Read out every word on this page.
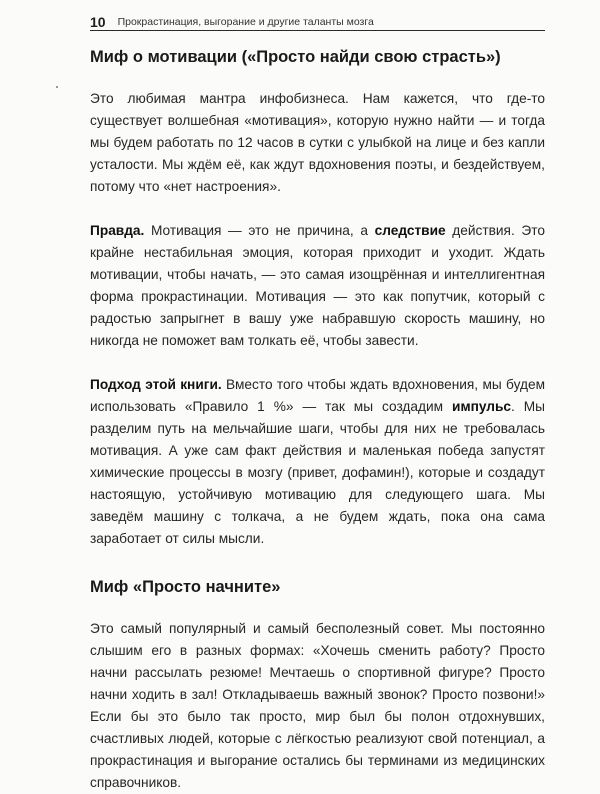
10	Прокрастинация, выгорание и другие таланты мозга
Миф о мотивации («Просто найди свою страсть»)

Это любимая мантра инфобизнеса. Нам кажется, что где-то существует волшебная «мотивация», которую нужно найти — и тогда мы будем работать по 12 часов в сутки с улыбкой на лице и без капли усталости. Мы ждём её, как ждут вдохновения поэты, и бездействуем, потому что «нет настроения».

Правда. Мотивация — это не причина, а следствие действия. Это крайне нестабильная эмоция, которая приходит и уходит. Ждать мотивации, чтобы начать, — это самая изощрённая и интеллигентная форма прокрастинации. Мотивация — это как попутчик, который с радостью запрыгнет в вашу уже набравшую скорость машину, но никогда не поможет вам толкать её, чтобы завести.

Подход этой книги. Вместо того чтобы ждать вдохновения, мы будем использовать «Правило 1 %» — так мы создадим импульс. Мы разделим путь на мельчайшие шаги, чтобы для них не требовалась мотивация. А уже сам факт действия и маленькая победа запустят химические процессы в мозгу (привет, дофамин!), которые и создадут настоящую, устойчивую мотивацию для следующего шага. Мы заведём машину с толкача, а не будем ждать, пока она сама заработает от силы мысли.

Миф «Просто начните»

Это самый популярный и самый бесполезный совет. Мы постоянно слышим его в разных формах: «Хочешь сменить работу? Просто начни рассылать резюме! Мечтаешь о спортивной фигуре? Просто начни ходить в зал! Откладываешь важный звонок? Просто позвони!» Если бы это было так просто, мир был бы полон отдохнувших, счастливых людей, которые с лёгкостью реализуют свой потенциал, а прокрастинация и выгорание остались бы терминами из медицинских справочников.
